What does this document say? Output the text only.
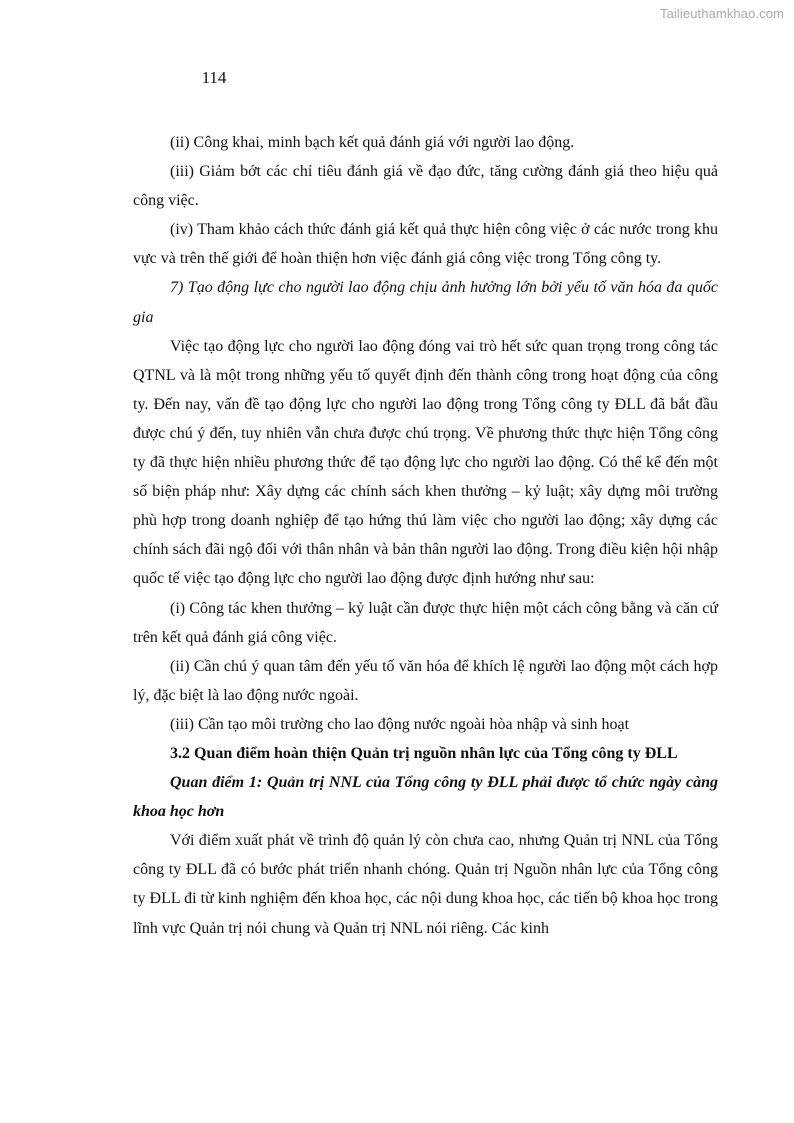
Tailieuthamkhao.com
114

(ii) Công khai, minh bạch kết quả đánh giá với người lao động.

(iii) Giảm bớt các chỉ tiêu đánh giá về đạo đức, tăng cường đánh giá theo hiệu quả công việc.

(iv) Tham khảo cách thức đánh giá kết quả thực hiện công việc ở các nước trong khu vực và trên thế giới để hoàn thiện hơn việc đánh giá công việc trong Tổng công ty.

7) Tạo động lực cho người lao động chịu ảnh hưởng lớn bởi yếu tố văn hóa đa quốc gia

Việc tạo động lực cho người lao động đóng vai trò hết sức quan trọng trong công tác QTNL và là một trong những yếu tố quyết định đến thành công trong hoạt động của công ty. Đến nay, vấn đề tạo động lực cho người lao động trong Tổng công ty ĐLL đã bắt đầu được chú ý đến, tuy nhiên vẫn chưa được chú trọng. Về phương thức thực hiện Tổng công ty đã thực hiện nhiều phương thức để tạo động lực cho người lao động. Có thể kể đến một số biện pháp như: Xây dựng các chính sách khen thưởng – kỷ luật; xây dựng môi trường phù hợp trong doanh nghiệp để tạo hứng thú làm việc cho người lao động; xây dựng các chính sách đãi ngộ đối với thân nhân và bản thân người lao động. Trong điều kiện hội nhập quốc tế việc tạo động lực cho người lao động được định hướng như sau:

(i) Công tác khen thưởng – kỷ luật cần được thực hiện một cách công bằng và căn cứ trên kết quả đánh giá công việc.

(ii) Cần chú ý quan tâm đến yếu tố văn hóa để khích lệ người lao động một cách hợp lý, đặc biệt là lao động nước ngoài.

(iii) Cần tạo môi trường cho lao động nước ngoài hòa nhập và sinh hoạt

3.2 Quan điểm hoàn thiện Quản trị nguồn nhân lực của Tổng công ty ĐLL

Quan điểm 1: Quản trị NNL của Tổng công ty ĐLL phải được tổ chức ngày càng khoa học hơn

Với điểm xuất phát về trình độ quản lý còn chưa cao, nhưng Quản trị NNL của Tổng công ty ĐLL đã có bước phát triển nhanh chóng. Quản trị Nguồn nhân lực của Tổng công ty ĐLL đi từ kinh nghiệm đến khoa học, các nội dung khoa học, các tiến bộ khoa học trong lĩnh vực Quản trị nói chung và Quản trị NNL nói riêng. Các kinh
